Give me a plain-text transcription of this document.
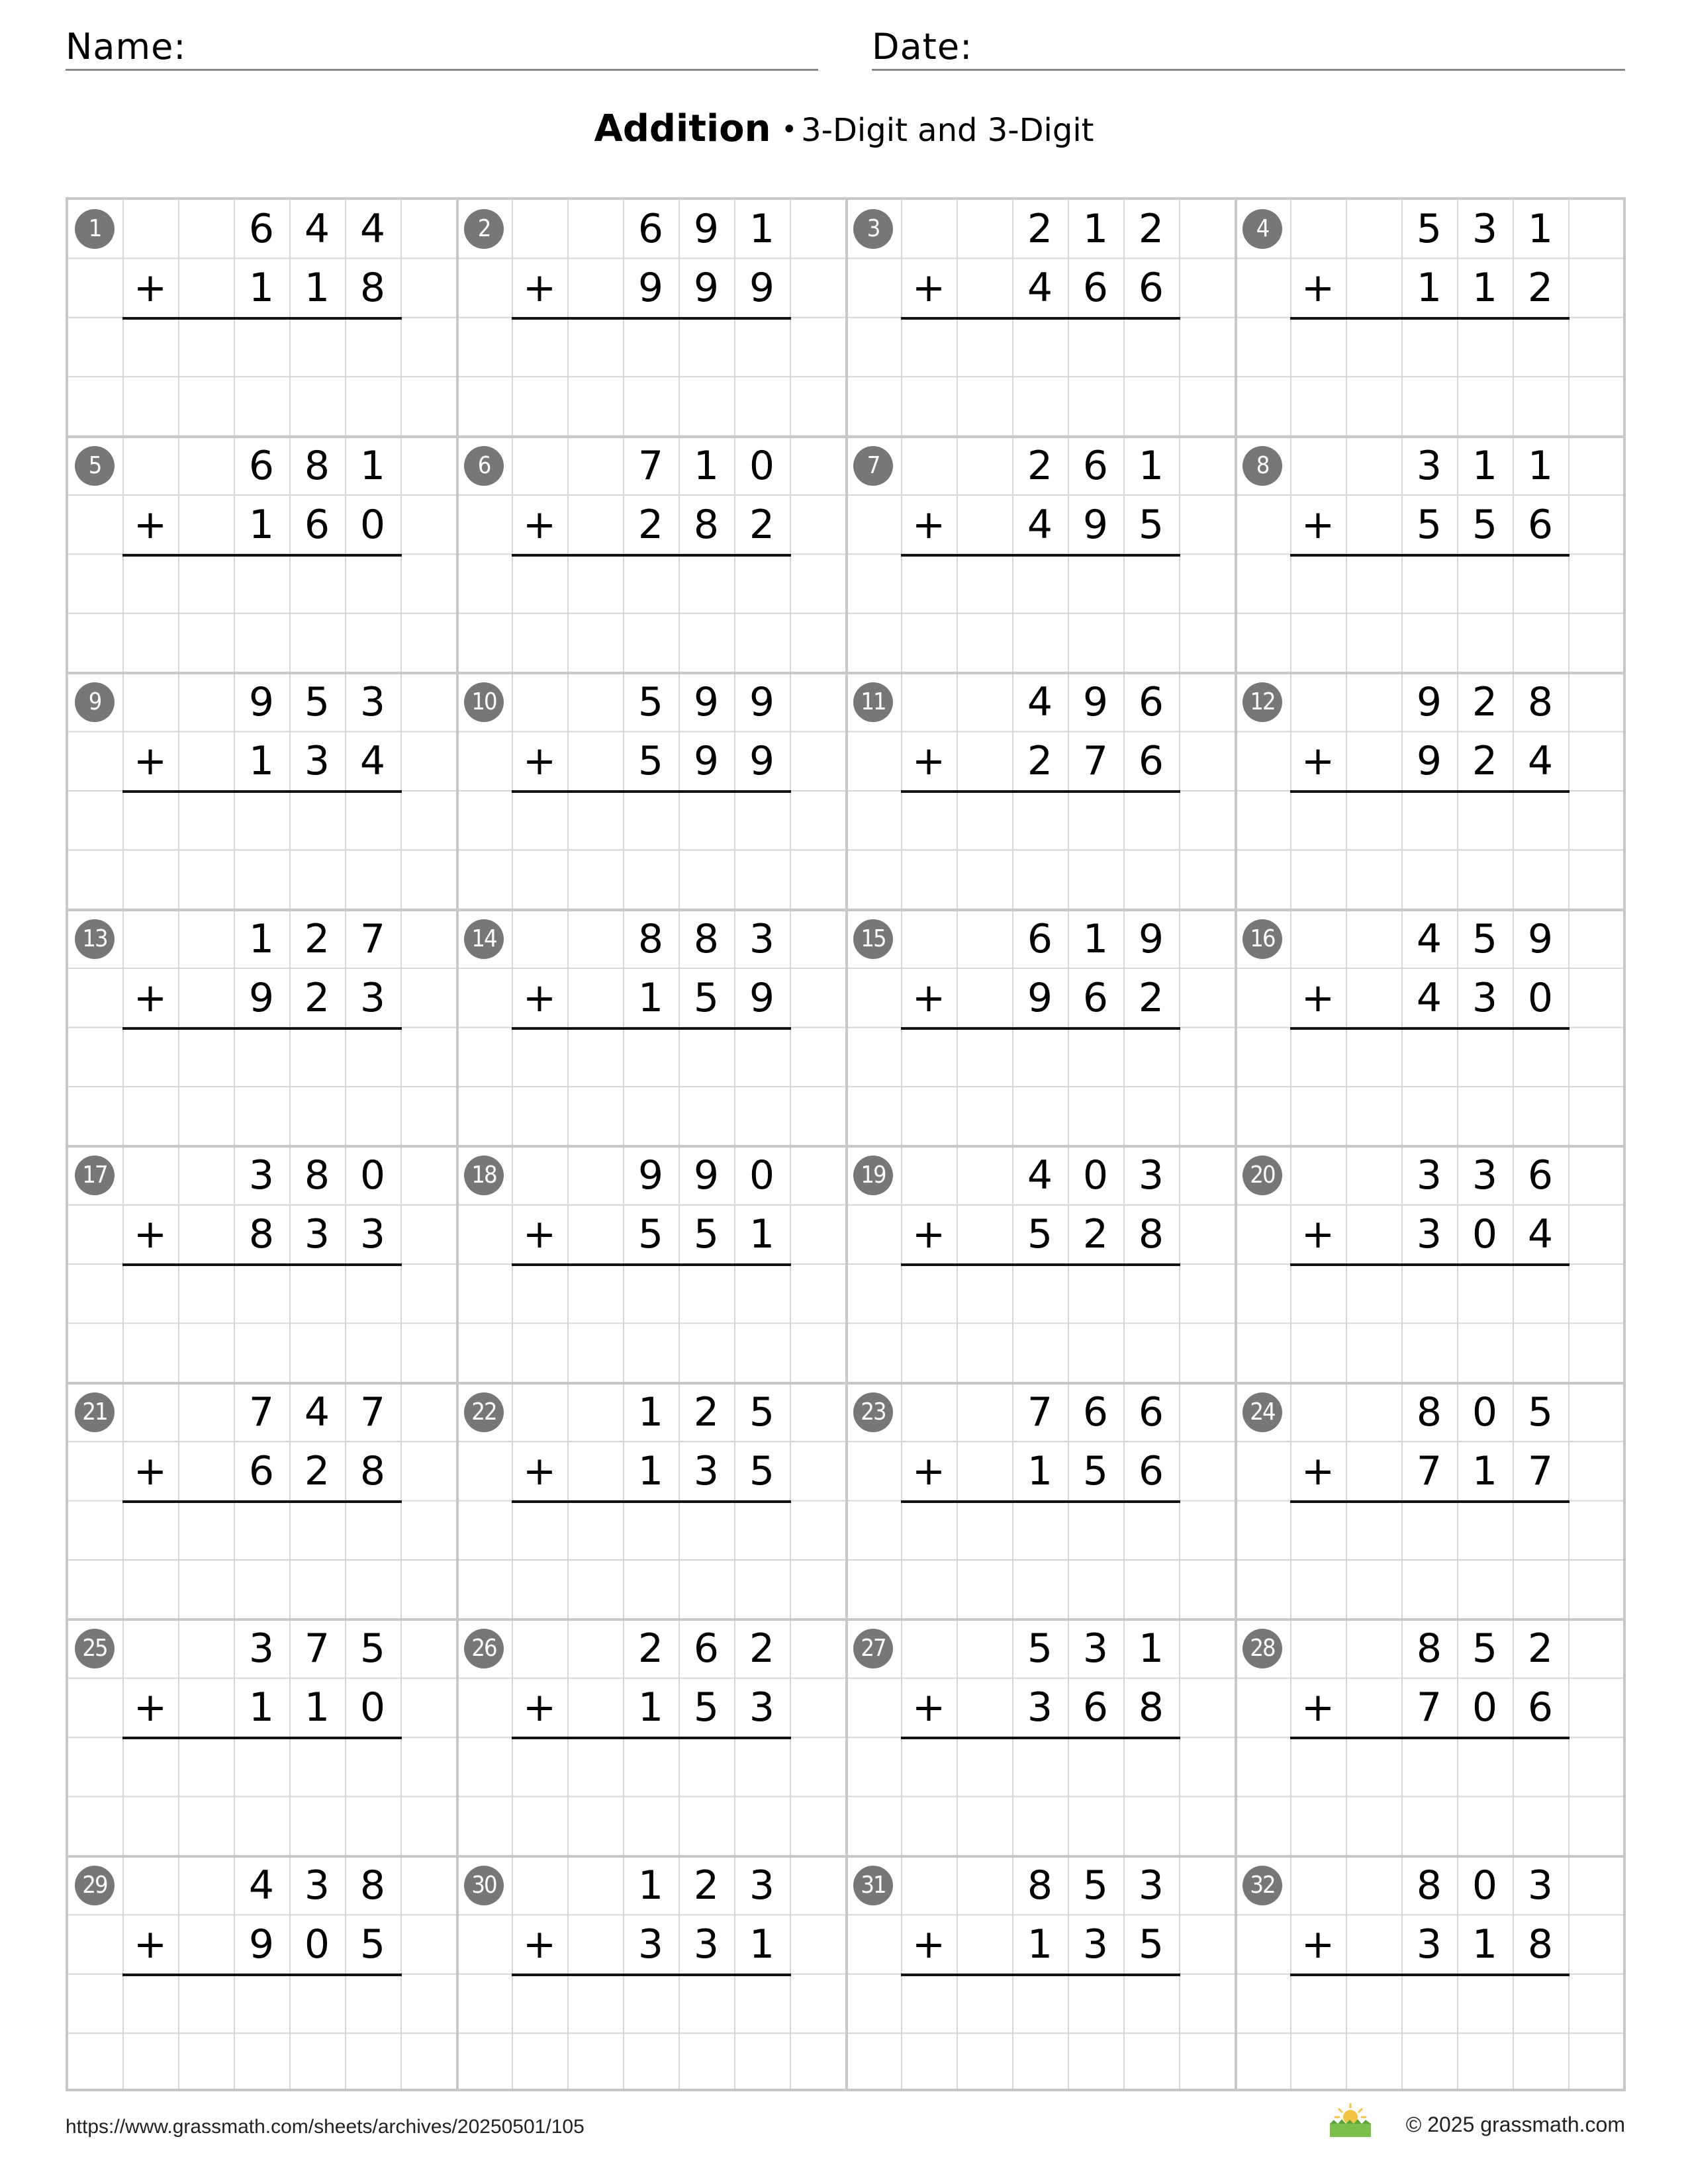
Name:	Date:
Addition • 3-Digit and 3-Digit
1	6 4 4
+	1 1 8
2	6 9 1
+	9 9 9
3	2 1 2
+	4 6 6
4	5 3 1
+	1 1 2
5	6 8 1
+	1 6 0
6	7 1 0
+	2 8 2
7	2 6 1
+	4 9 5
8	3 1 1
+	5 5 6
9	9 5 3
+	1 3 4
10	5 9 9
+	5 9 9
11	4 9 6
+	2 7 6
12	9 2 8
+	9 2 4
13	1 2 7
+	9 2 3
14	8 8 3
+	1 5 9
15	6 1 9
+	9 6 2
16	4 5 9
+	4 3 0
17	3 8 0
+	8 3 3
18	9 9 0
+	5 5 1
19	4 0 3
+	5 2 8
20	3 3 6
+	3 0 4
21	7 4 7
+	6 2 8
22	1 2 5
+	1 3 5
23	7 6 6
+	1 5 6
24	8 0 5
+	7 1 7
25	3 7 5
+	1 1 0
26	2 6 2
+	1 5 3
27	5 3 1
+	3 6 8
28	8 5 2
+	7 0 6
29	4 3 8
+	9 0 5
30	1 2 3
+	3 3 1
31	8 5 3
+	1 3 5
32	8 0 3
+	3 1 8
https://www.grassmath.com/sheets/archives/20250501/105	© 2025 grassmath.com
